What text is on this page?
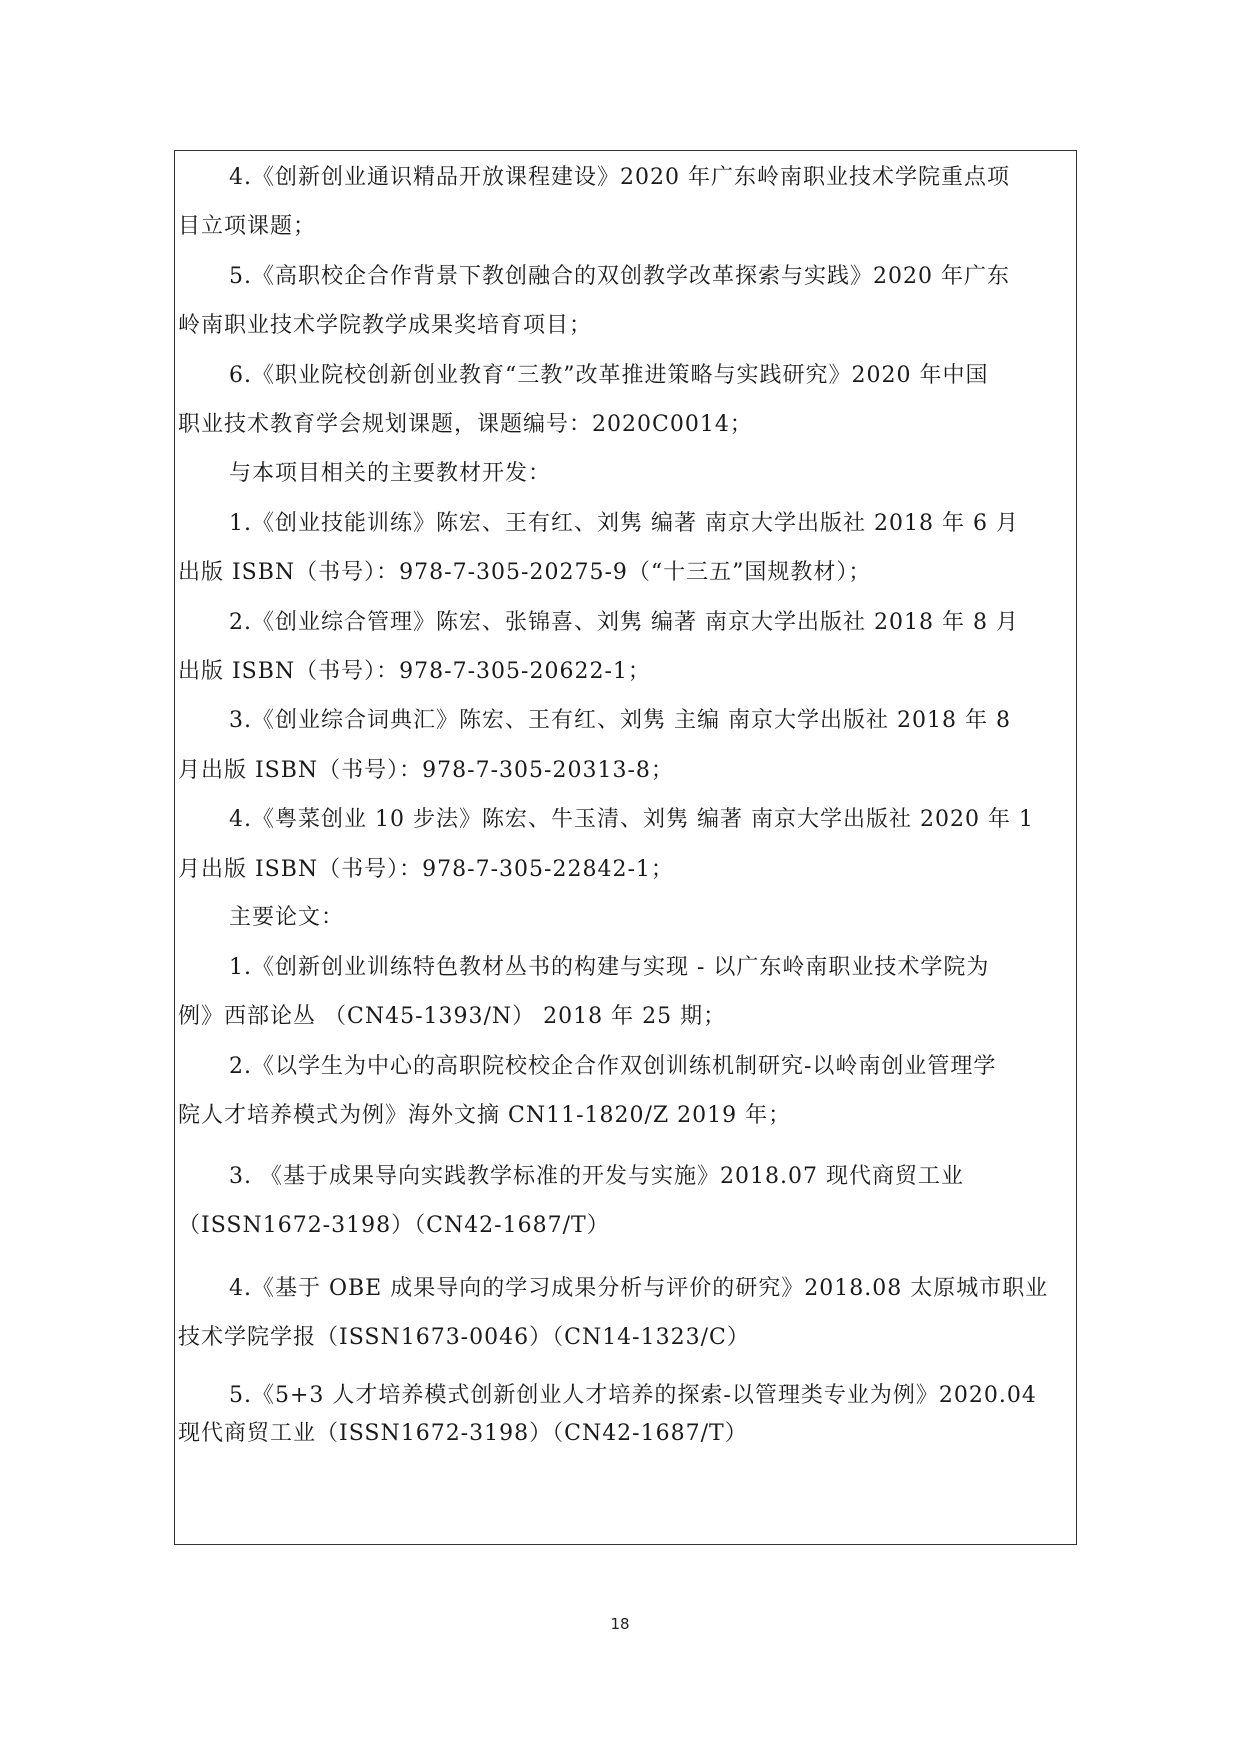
4.《创新创业通识精品开放课程建设》2020 年广东岭南职业技术学院重点项
目立项课题；
5.《高职校企合作背景下教创融合的双创教学改革探索与实践》2020 年广东
岭南职业技术学院教学成果奖培育项目；
6.《职业院校创新创业教育“三教”改革推进策略与实践研究》2020 年中国
职业技术教育学会规划课题，课题编号：2020C0014；
与本项目相关的主要教材开发：
1.《创业技能训练》陈宏、王有红、刘隽 编著 南京大学出版社 2018 年 6 月
出版 ISBN（书号）：978-7-305-20275-9（“十三五”国规教材）；
2.《创业综合管理》陈宏、张锦喜、刘隽 编著 南京大学出版社 2018 年 8 月
出版 ISBN（书号）：978-7-305-20622-1；
3.《创业综合词典汇》陈宏、王有红、刘隽 主编 南京大学出版社 2018 年 8
月出版 ISBN（书号）：978-7-305-20313-8；
4.《粤菜创业 10 步法》陈宏、牛玉清、刘隽 编著 南京大学出版社 2020 年 1
月出版 ISBN（书号）：978-7-305-22842-1；
主要论文：
1.《创新创业训练特色教材丛书的构建与实现 - 以广东岭南职业技术学院为
例》西部论丛 （CN45-1393/N） 2018 年 25 期；
2.《以学生为中心的高职院校校企合作双创训练机制研究-以岭南创业管理学
院人才培养模式为例》海外文摘 CN11-1820/Z 2019 年；
3. 《基于成果导向实践教学标准的开发与实施》2018.07 现代商贸工业
（ISSN1672-3198）（CN42-1687/T）
4.《基于 OBE 成果导向的学习成果分析与评价的研究》2018.08 太原城市职业
技术学院学报（ISSN1673-0046）（CN14-1323/C）
5.《5+3 人才培养模式创新创业人才培养的探索-以管理类专业为例》2020.04
现代商贸工业（ISSN1672-3198）（CN42-1687/T）
18
